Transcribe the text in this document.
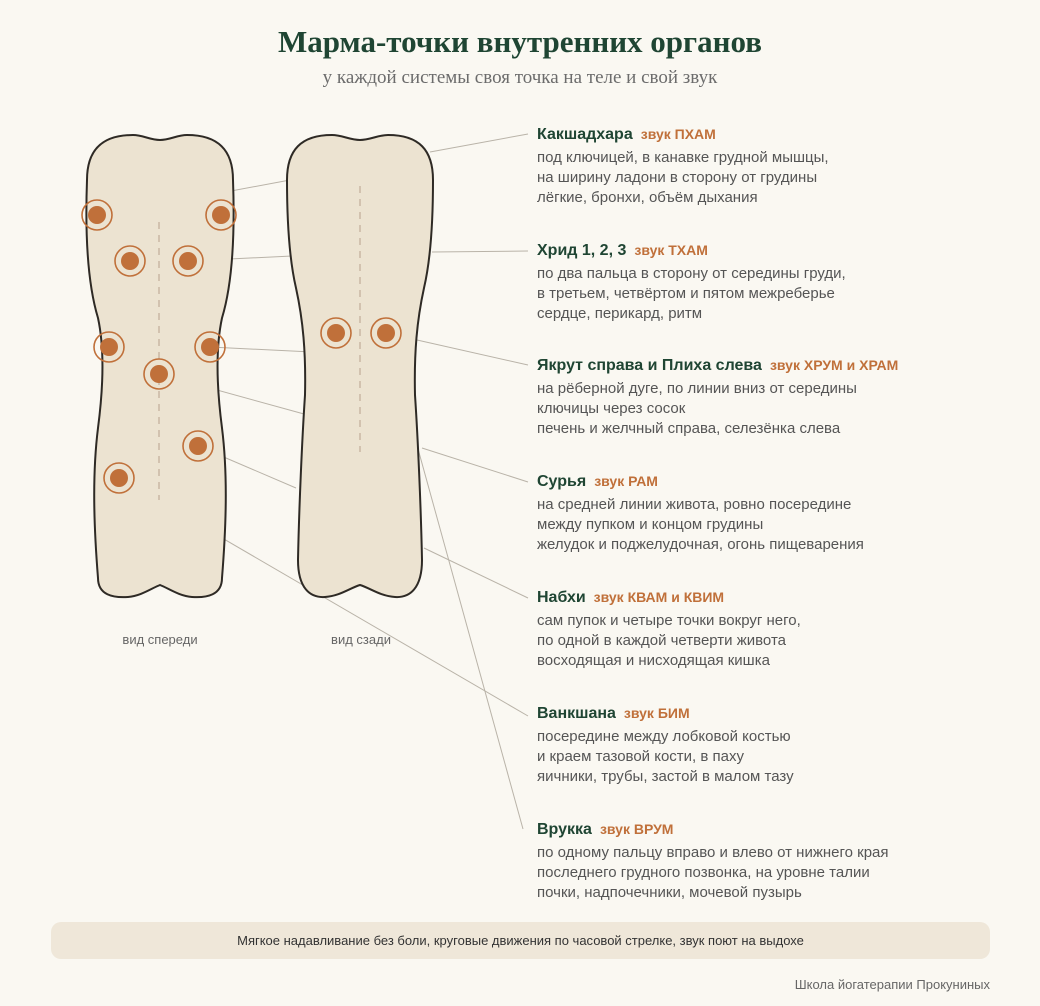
Марма-точки внутренних органов
у каждой системы своя точка на теле и свой звук
вид спереди	вид сзади
Какшадхара звук ПХАМ
под ключицей, в канавке грудной мышцы,
на ширину ладони в сторону от грудины
лёгкие, бронхи, объём дыхания
Хрид 1, 2, 3 звук ТХАМ
по два пальца в сторону от середины груди,
в третьем, четвёртом и пятом межреберье
сердце, перикард, ритм
Якрут справа и Плиха слева звук ХРУМ и ХРАМ
на рёберной дуге, по линии вниз от середины
ключицы через сосок
печень и желчный справа, селезёнка слева
Сурья звук РАМ
на средней линии живота, ровно посередине
между пупком и концом грудины
желудок и поджелудочная, огонь пищеварения
Набхи звук КВАМ и КВИМ
сам пупок и четыре точки вокруг него,
по одной в каждой четверти живота
восходящая и нисходящая кишка
Ванкшана звук БИМ
посередине между лобковой костью
и краем тазовой кости, в паху
яичники, трубы, застой в малом тазу
Врукка звук ВРУМ
по одному пальцу вправо и влево от нижнего края
последнего грудного позвонка, на уровне талии
почки, надпочечники, мочевой пузырь
Мягкое надавливание без боли, круговые движения по часовой стрелке, звук поют на выдохе
Школа йогатерапии Прокуниных
